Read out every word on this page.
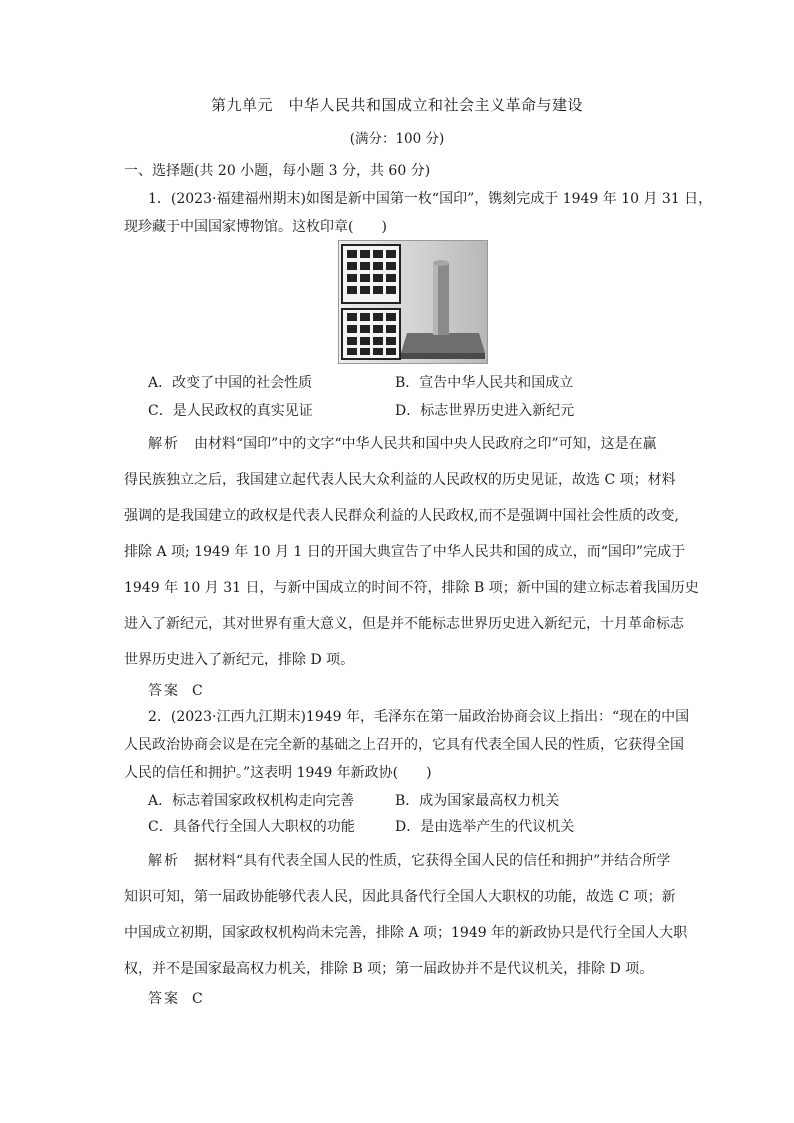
第九单元　中华人民共和国成立和社会主义革命与建设
(满分：100 分)
一、选择题(共 20 小题，每小题 3 分，共 60 分)
1．(2023·福建福州期末)如图是新中国第一枚“国印”，镌刻完成于 1949 年 10 月 31 日，
现珍藏于中国国家博物馆。这枚印章(　　)
A．改变了中国的社会性质	B．宣告中华人民共和国成立
C．是人民政权的真实见证	D．标志世界历史进入新纪元
解析　 由材料“国印”中的文字“中华人民共和国中央人民政府之印”可知，这是在赢
得民族独立之后，我国建立起代表人民大众利益的人民政权的历史见证，故选 C 项；材料
强调的是我国建立的政权是代表人民群众利益的人民政权,而不是强调中国社会性质的改变,
排除 A 项; 1949 年 10 月 1 日的开国大典宣告了中华人民共和国的成立，而“国印”完成于
1949 年 10 月 31 日，与新中国成立的时间不符，排除 B 项；新中国的建立标志着我国历史
进入了新纪元，其对世界有重大意义，但是并不能标志世界历史进入新纪元，十月革命标志
世界历史进入了新纪元，排除 D 项。
答案 C
2．(2023·江西九江期末)1949 年，毛泽东在第一届政治协商会议上指出：“现在的中国
人民政治协商会议是在完全新的基础之上召开的，它具有代表全国人民的性质，它获得全国
人民的信任和拥护。”这表明 1949 年新政协(　　)
A．标志着国家政权机构走向完善	B．成为国家最高权力机关
C．具备代行全国人大职权的功能	D．是由选举产生的代议机关
解析　 据材料“具有代表全国人民的性质，它获得全国人民的信任和拥护”并结合所学
知识可知，第一届政协能够代表人民，因此具备代行全国人大职权的功能，故选 C 项；新
中国成立初期，国家政权机构尚未完善，排除 A 项；1949 年的新政协只是代行全国人大职
权，并不是国家最高权力机关，排除 B 项；第一届政协并不是代议机关，排除 D 项。
答案 C
